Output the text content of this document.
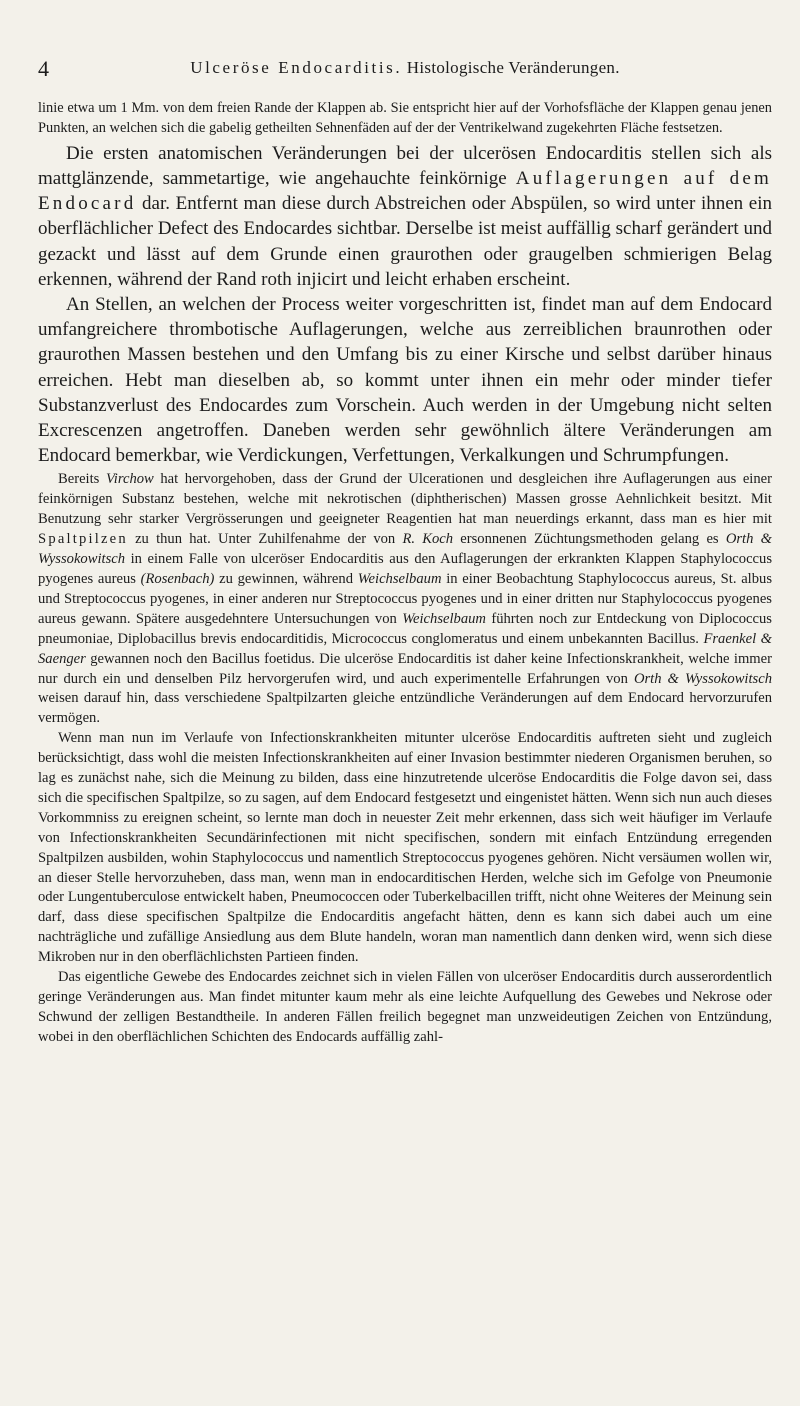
4	Ulceröse Endocarditis. Histologische Veränderungen.

linie etwa um 1 Mm. von dem freien Rande der Klappen ab. Sie entspricht hier auf der Vorhofsfläche der Klappen genau jenen Punkten, an welchen sich die gabelig getheilten Sehnenfäden auf der der Ventrikelwand zugekehrten Fläche festsetzen.

Die ersten anatomischen Veränderungen bei der ulcerösen Endocarditis stellen sich als mattglänzende, sammetartige, wie angehauchte feinkörnige Auflagerungen auf dem Endocard dar. Entfernt man diese durch Abstreichen oder Abspülen, so wird unter ihnen ein oberflächlicher Defect des Endocardes sichtbar. Derselbe ist meist auffällig scharf gerändert und gezackt und lässt auf dem Grunde einen graurothen oder graugelben schmierigen Belag erkennen, während der Rand roth injicirt und leicht erhaben erscheint.

An Stellen, an welchen der Process weiter vorgeschritten ist, findet man auf dem Endocard umfangreichere thrombotische Auflagerungen, welche aus zerreiblichen braunrothen oder graurothen Massen bestehen und den Umfang bis zu einer Kirsche und selbst darüber hinaus erreichen. Hebt man dieselben ab, so kommt unter ihnen ein mehr oder minder tiefer Substanzverlust des Endocardes zum Vorschein. Auch werden in der Umgebung nicht selten Excrescenzen angetroffen. Daneben werden sehr gewöhnlich ältere Veränderungen am Endocard bemerkbar, wie Verdickungen, Verfettungen, Verkalkungen und Schrumpfungen.

Bereits Virchow hat hervorgehoben, dass der Grund der Ulcerationen und desgleichen ihre Auflagerungen aus einer feinkörnigen Substanz bestehen, welche mit nekrotischen (diphtherischen) Massen grosse Aehnlichkeit besitzt. Mit Benutzung sehr starker Vergrösserungen und geeigneter Reagentien hat man neuerdings erkannt, dass man es hier mit Spaltpilzen zu thun hat. Unter Zuhilfenahme der von R. Koch ersonnenen Züchtungsmethoden gelang es Orth & Wyssokowitsch in einem Falle von ulceröser Endocarditis aus den Auflagerungen der erkrankten Klappen Staphylococcus pyogenes aureus (Rosenbach) zu gewinnen, während Weichselbaum in einer Beobachtung Staphylococcus aureus, St. albus und Streptococcus pyogenes, in einer anderen nur Streptococcus pyogenes und in einer dritten nur Staphylococcus pyogenes aureus gewann. Spätere ausgedehntere Untersuchungen von Weichselbaum führten noch zur Entdeckung von Diplococcus pneumoniae, Diplobacillus brevis endocarditidis, Micrococcus conglomeratus und einem unbekannten Bacillus. Fraenkel & Saenger gewannen noch den Bacillus foetidus. Die ulceröse Endocarditis ist daher keine Infectionskrankheit, welche immer nur durch ein und denselben Pilz hervorgerufen wird, und auch experimentelle Erfahrungen von Orth & Wyssokowitsch weisen darauf hin, dass verschiedene Spaltpilzarten gleiche entzündliche Veränderungen auf dem Endocard hervorzurufen vermögen.

Wenn man nun im Verlaufe von Infectionskrankheiten mitunter ulceröse Endocarditis auftreten sieht und zugleich berücksichtigt, dass wohl die meisten Infectionskrankheiten auf einer Invasion bestimmter niederen Organismen beruhen, so lag es zunächst nahe, sich die Meinung zu bilden, dass eine hinzutretende ulceröse Endocarditis die Folge davon sei, dass sich die specifischen Spaltpilze, so zu sagen, auf dem Endocard festgesetzt und eingenistet hätten. Wenn sich nun auch dieses Vorkommniss zu ereignen scheint, so lernte man doch in neuester Zeit mehr erkennen, dass sich weit häufiger im Verlaufe von Infectionskrankheiten Secundärinfectionen mit nicht specifischen, sondern mit einfach Entzündung erregenden Spaltpilzen ausbilden, wohin Staphylococcus und namentlich Streptococcus pyogenes gehören. Nicht versäumen wollen wir, an dieser Stelle hervorzuheben, dass man, wenn man in endocarditischen Herden, welche sich im Gefolge von Pneumonie oder Lungentuberculose entwickelt haben, Pneumococcen oder Tuberkelbacillen trifft, nicht ohne Weiteres der Meinung sein darf, dass diese specifischen Spaltpilze die Endocarditis angefacht hätten, denn es kann sich dabei auch um eine nachträgliche und zufällige Ansiedlung aus dem Blute handeln, woran man namentlich dann denken wird, wenn sich diese Mikroben nur in den oberflächlichsten Partieen finden.

Das eigentliche Gewebe des Endocardes zeichnet sich in vielen Fällen von ulceröser Endocarditis durch ausserordentlich geringe Veränderungen aus. Man findet mitunter kaum mehr als eine leichte Aufquellung des Gewebes und Nekrose oder Schwund der zelligen Bestandtheile. In anderen Fällen freilich begegnet man unzweideutigen Zeichen von Entzündung, wobei in den oberflächlichen Schichten des Endocards auffällig zahl-
